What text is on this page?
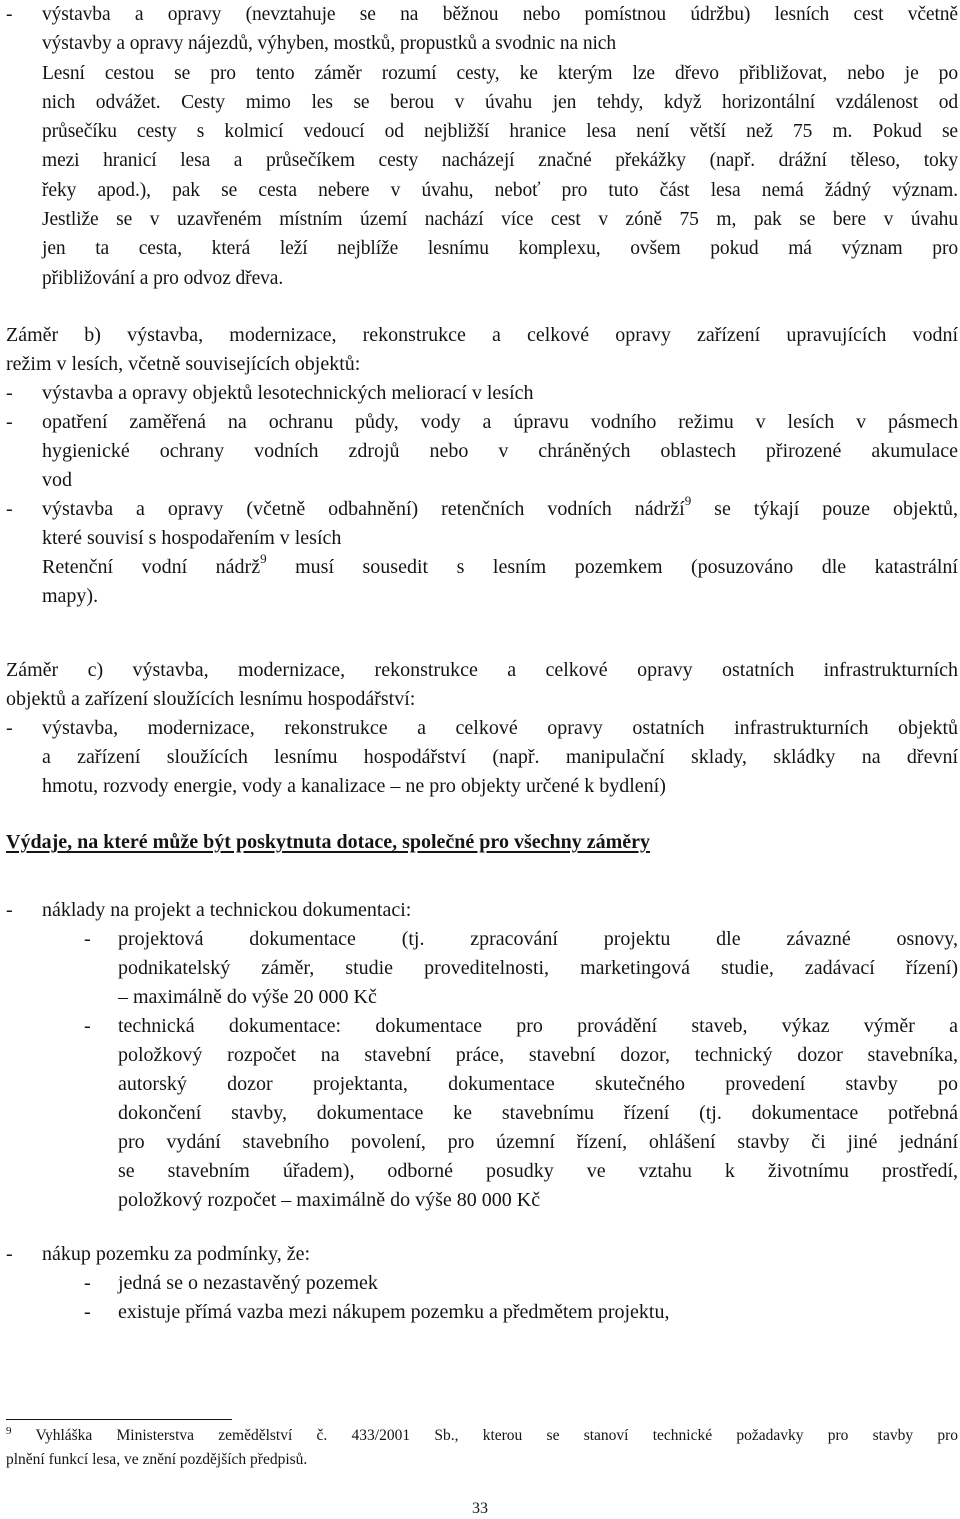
-	výstavba a opravy (nevztahuje se na běžnou nebo pomístnou údržbu) lesních cest včetně
výstavby a opravy nájezdů, výhyben, mostků, propustků a svodnic na nich
Lesní cestou se pro tento záměr rozumí cesty, ke kterým lze dřevo přibližovat, nebo je po
nich odvážet. Cesty mimo les se berou v úvahu jen tehdy, když horizontální vzdálenost od
průsečíku cesty s kolmicí vedoucí od nejbližší hranice lesa není větší než 75 m. Pokud se
mezi hranicí lesa a průsečíkem cesty nacházejí značné překážky (např. drážní těleso, toky
řeky apod.), pak se cesta nebere v úvahu, neboť pro tuto část lesa nemá žádný význam.
Jestliže se v uzavřeném místním území nachází více cest v zóně 75 m, pak se bere v úvahu
jen ta cesta, která leží nejblíže lesnímu komplexu, ovšem pokud má význam pro
přibližování a pro odvoz dřeva.
Záměr b) výstavba, modernizace, rekonstrukce a celkové opravy zařízení upravujících vodní
režim v lesích, včetně souvisejících objektů:
-	výstavba a opravy objektů lesotechnických meliorací v lesích
-	opatření zaměřená na ochranu půdy, vody a úpravu vodního režimu v lesích v pásmech
hygienické ochrany vodních zdrojů nebo v chráněných oblastech přirozené akumulace
vod
-	výstavba a opravy (včetně odbahnění) retenčních vodních nádrží$^9$ se týkají pouze objektů,
které souvisí s hospodařením v lesích
Retenční vodní nádrž$^9$ musí sousedit s lesním pozemkem (posuzováno dle katastrální
mapy).
Záměr c) výstavba, modernizace, rekonstrukce a celkové opravy ostatních infrastrukturních
objektů a zařízení sloužících lesnímu hospodářství:
-	výstavba, modernizace, rekonstrukce a celkové opravy ostatních infrastrukturních objektů
a zařízení sloužících lesnímu hospodářství (např. manipulační sklady, skládky na dřevní
hmotu, rozvody energie, vody a kanalizace – ne pro objekty určené k bydlení)
Výdaje, na které může být poskytnuta dotace, společné pro všechny záměry
-	náklady na projekt a technickou dokumentaci:
-	projektová dokumentace (tj. zpracování projektu dle závazné osnovy,
podnikatelský záměr, studie proveditelnosti, marketingová studie, zadávací řízení)
– maximálně do výše 20 000 Kč
-	technická dokumentace: dokumentace pro provádění staveb, výkaz výměr a
položkový rozpočet na stavební práce, stavební dozor, technický dozor stavebníka,
autorský dozor projektanta, dokumentace skutečného provedení stavby po
dokončení stavby, dokumentace ke stavebnímu řízení (tj. dokumentace potřebná
pro vydání stavebního povolení, pro územní řízení, ohlášení stavby či jiné jednání
se stavebním úřadem), odborné posudky ve vztahu k životnímu prostředí,
položkový rozpočet – maximálně do výše 80 000 Kč
-	nákup pozemku za podmínky, že:
-	jedná se o nezastavěný pozemek
-	existuje přímá vazba mezi nákupem pozemku a předmětem projektu,
$^9$ Vyhláška Ministerstva zemědělství č. 433/2001 Sb., kterou se stanoví technické požadavky pro stavby pro
plnění funkcí lesa, ve znění pozdějších předpisů.
33
